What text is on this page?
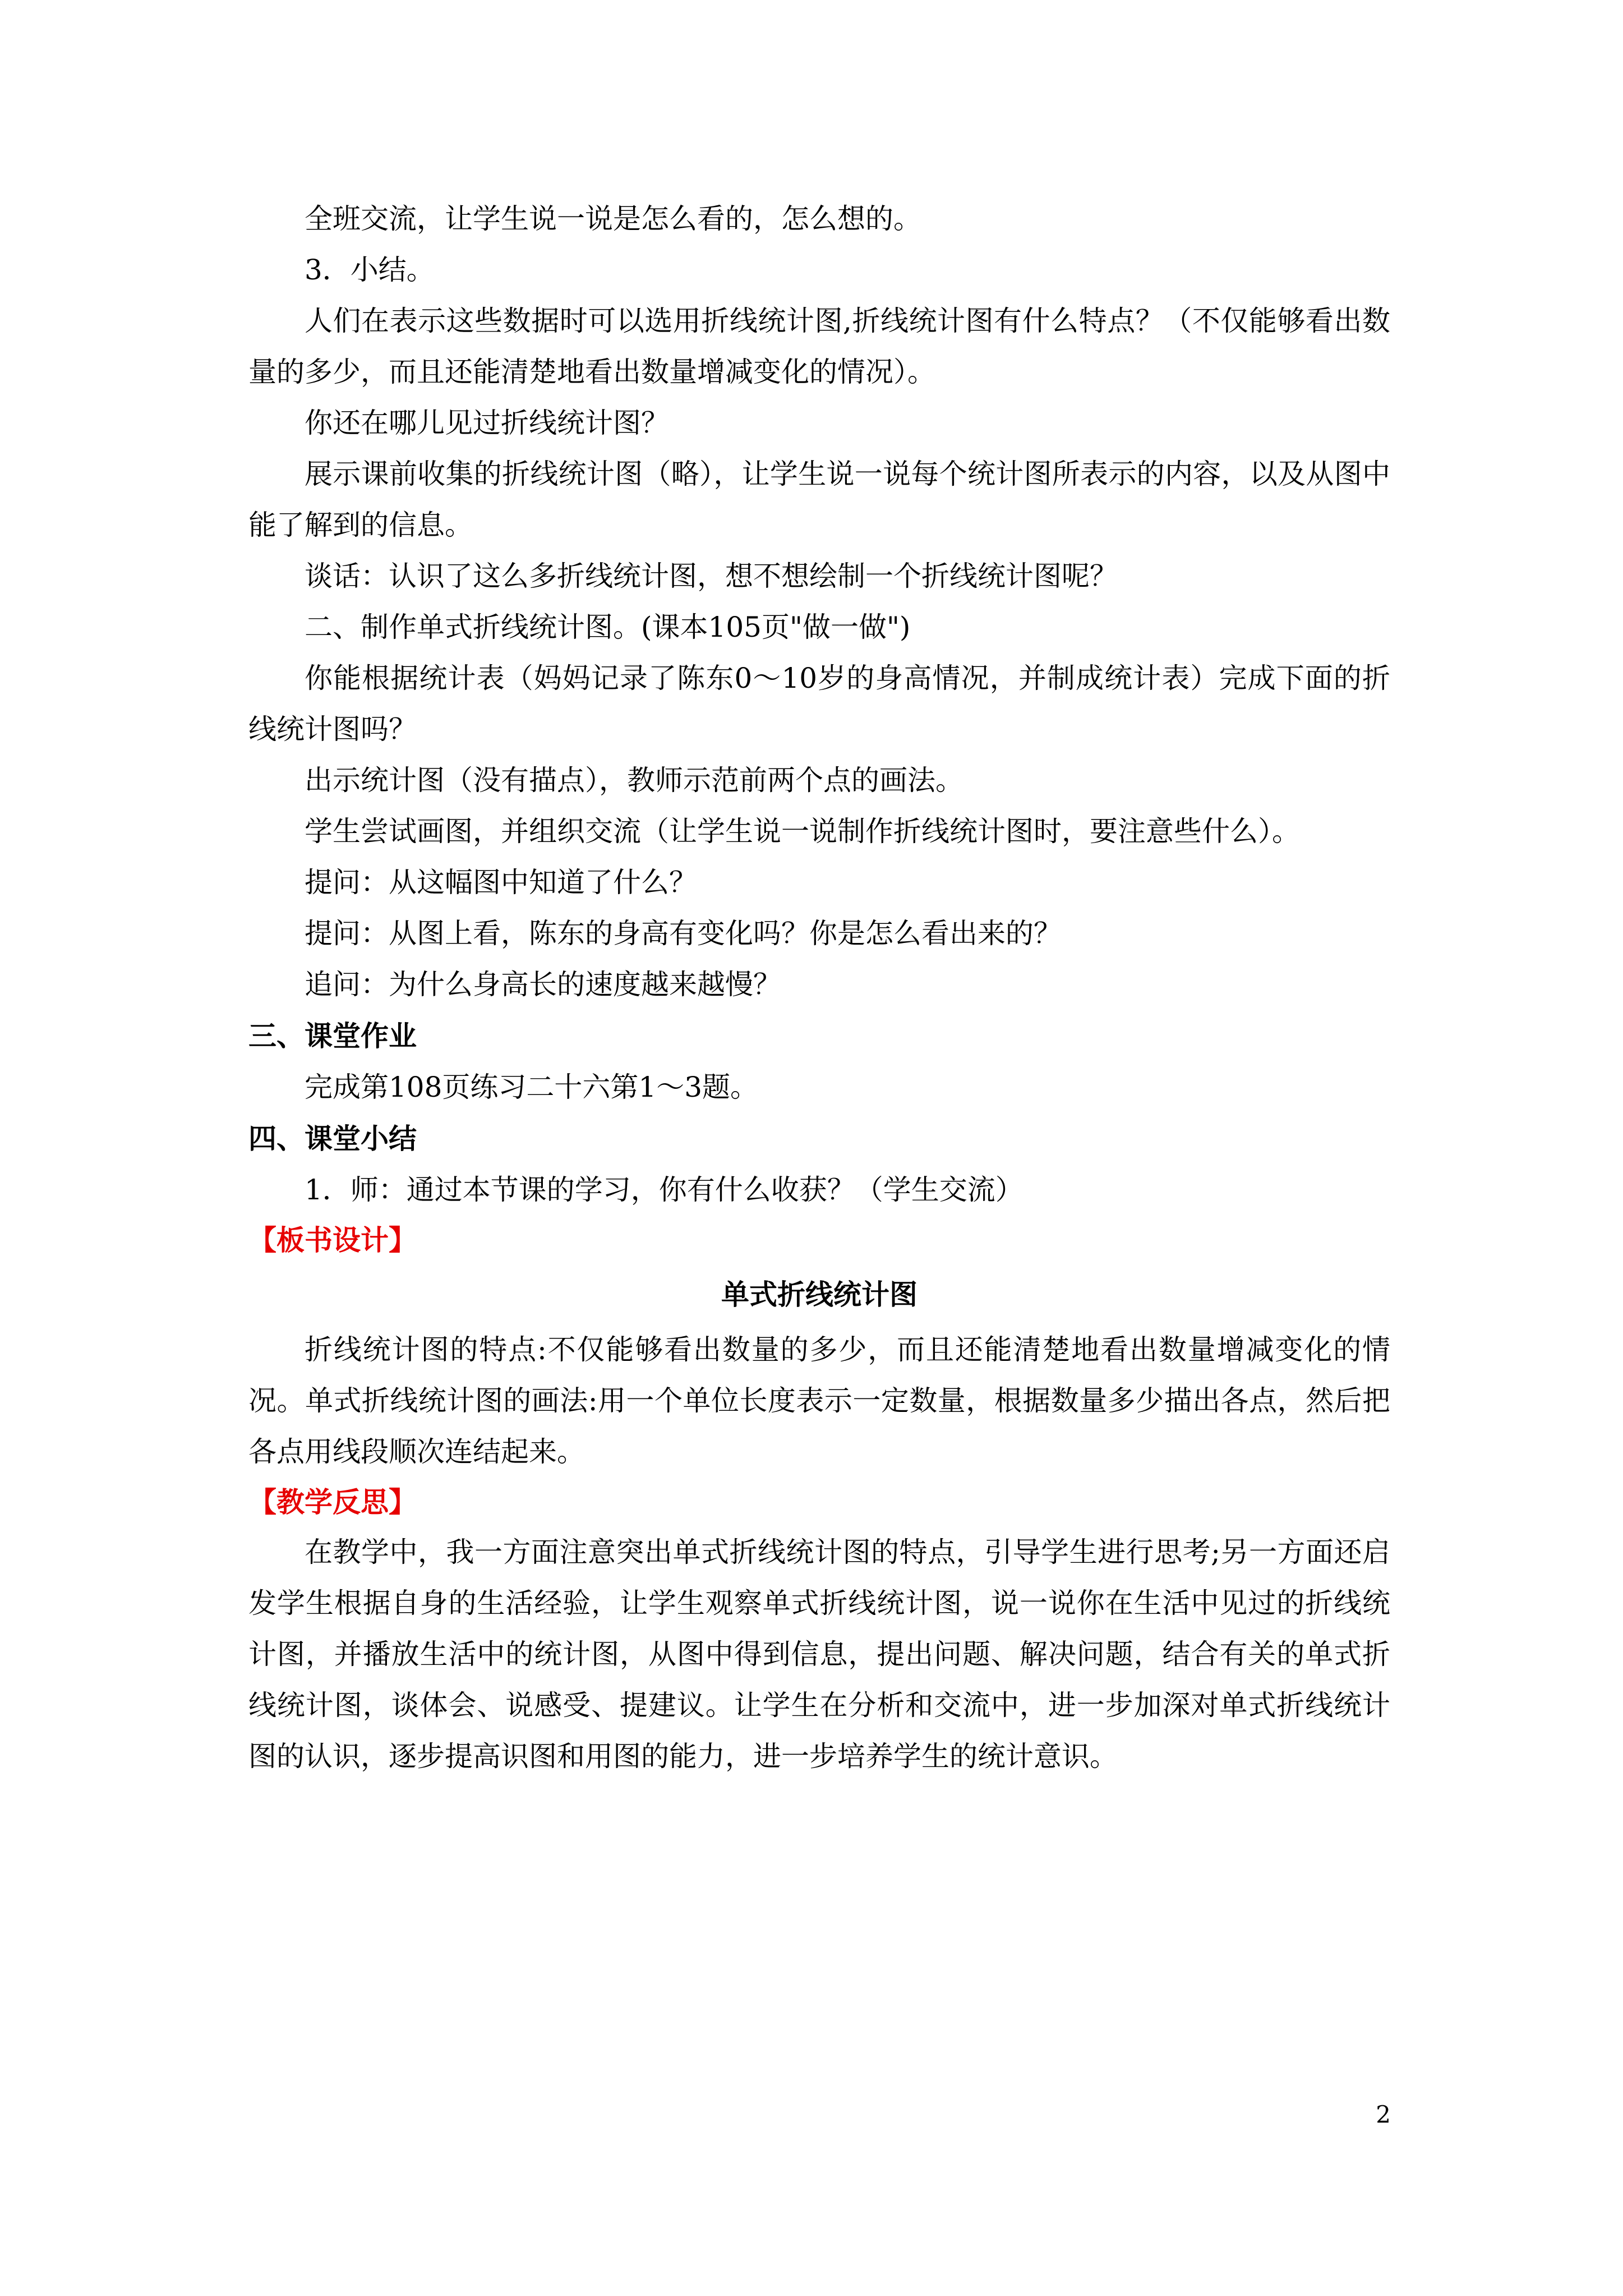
全班交流，让学生说一说是怎么看的，怎么想的。

3．小结。

人们在表示这些数据时可以选用折线统计图,折线统计图有什么特点？（不仅能够看出数量的多少，而且还能清楚地看出数量增减变化的情况）。

你还在哪儿见过折线统计图？

展示课前收集的折线统计图（略），让学生说一说每个统计图所表示的内容，以及从图中能了解到的信息。

谈话：认识了这么多折线统计图，想不想绘制一个折线统计图呢？

二、制作单式折线统计图。(课本105页"做一做")

你能根据统计表（妈妈记录了陈东0～10岁的身高情况，并制成统计表）完成下面的折线统计图吗？

出示统计图（没有描点），教师示范前两个点的画法。

学生尝试画图，并组织交流（让学生说一说制作折线统计图时，要注意些什么）。

提问：从这幅图中知道了什么？

提问：从图上看，陈东的身高有变化吗？你是怎么看出来的？

追问：为什么身高长的速度越来越慢？

三、课堂作业

完成第108页练习二十六第1～3题。

四、课堂小结

1．师：通过本节课的学习，你有什么收获？（学生交流）

【板书设计】

单式折线统计图

折线统计图的特点:不仅能够看出数量的多少，而且还能清楚地看出数量增减变化的情况。单式折线统计图的画法:用一个单位长度表示一定数量，根据数量多少描出各点，然后把各点用线段顺次连结起来。

【教学反思】

在教学中，我一方面注意突出单式折线统计图的特点，引导学生进行思考;另一方面还启发学生根据自身的生活经验，让学生观察单式折线统计图，说一说你在生活中见过的折线统计图，并播放生活中的统计图，从图中得到信息，提出问题、解决问题，结合有关的单式折线统计图，谈体会、说感受、提建议。让学生在分析和交流中，进一步加深对单式折线统计图的认识，逐步提高识图和用图的能力，进一步培养学生的统计意识。

2
